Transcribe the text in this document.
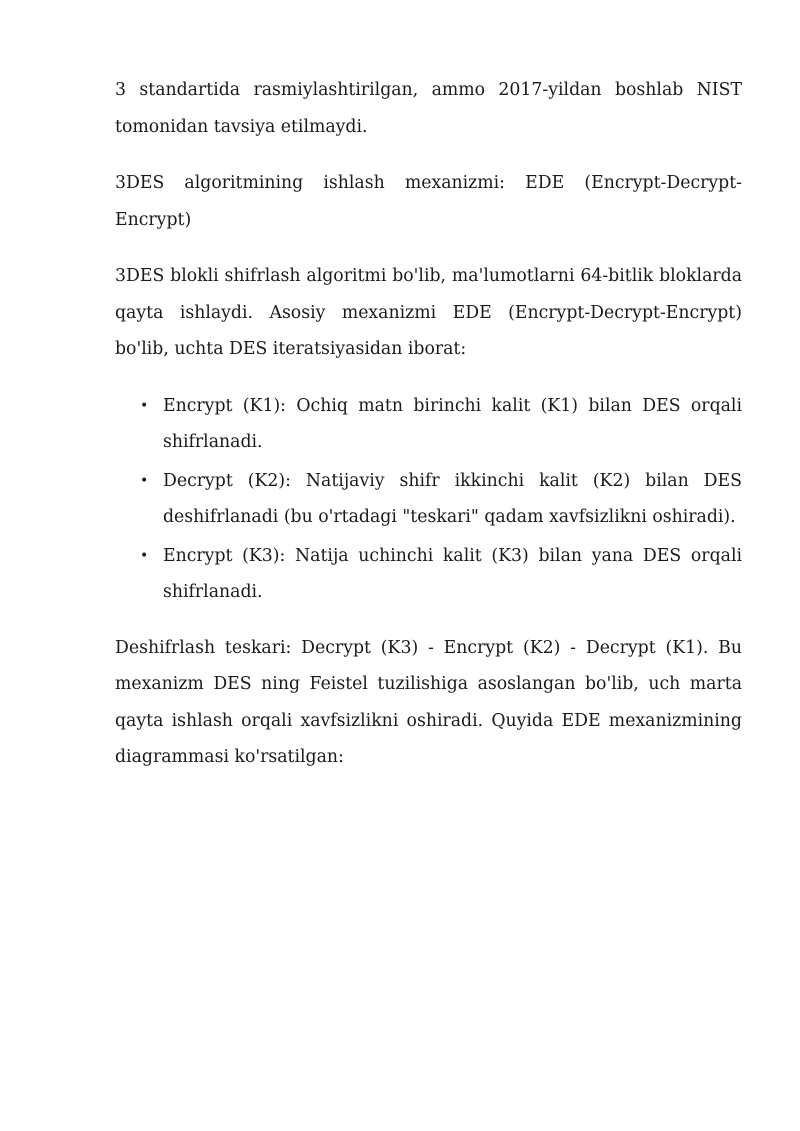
3 standartida rasmiylashtirilgan, ammo 2017-yildan boshlab NIST tomonidan tavsiya etilmaydi.

3DES algoritmining ishlash mexanizmi: EDE (Encrypt-Decrypt-Encrypt)

3DES blokli shifrlash algoritmi bo'lib, ma'lumotlarni 64-bitlik bloklarda qayta ishlaydi. Asosiy mexanizmi EDE (Encrypt-Decrypt-Encrypt) bo'lib, uchta DES iteratsiyasidan iborat:

• Encrypt (K1): Ochiq matn birinchi kalit (K1) bilan DES orqali shifrlanadi.
• Decrypt (K2): Natijaviy shifr ikkinchi kalit (K2) bilan DES deshifrlanadi (bu o'rtadagi "teskari" qadam xavfsizlikni oshiradi).
• Encrypt (K3): Natija uchinchi kalit (K3) bilan yana DES orqali shifrlanadi.

Deshifrlash teskari: Decrypt (K3) - Encrypt (K2) - Decrypt (K1). Bu mexanizm DES ning Feistel tuzilishiga asoslangan bo'lib, uch marta qayta ishlash orqali xavfsizlikni oshiradi. Quyida EDE mexanizmining diagrammasi ko'rsatilgan:
